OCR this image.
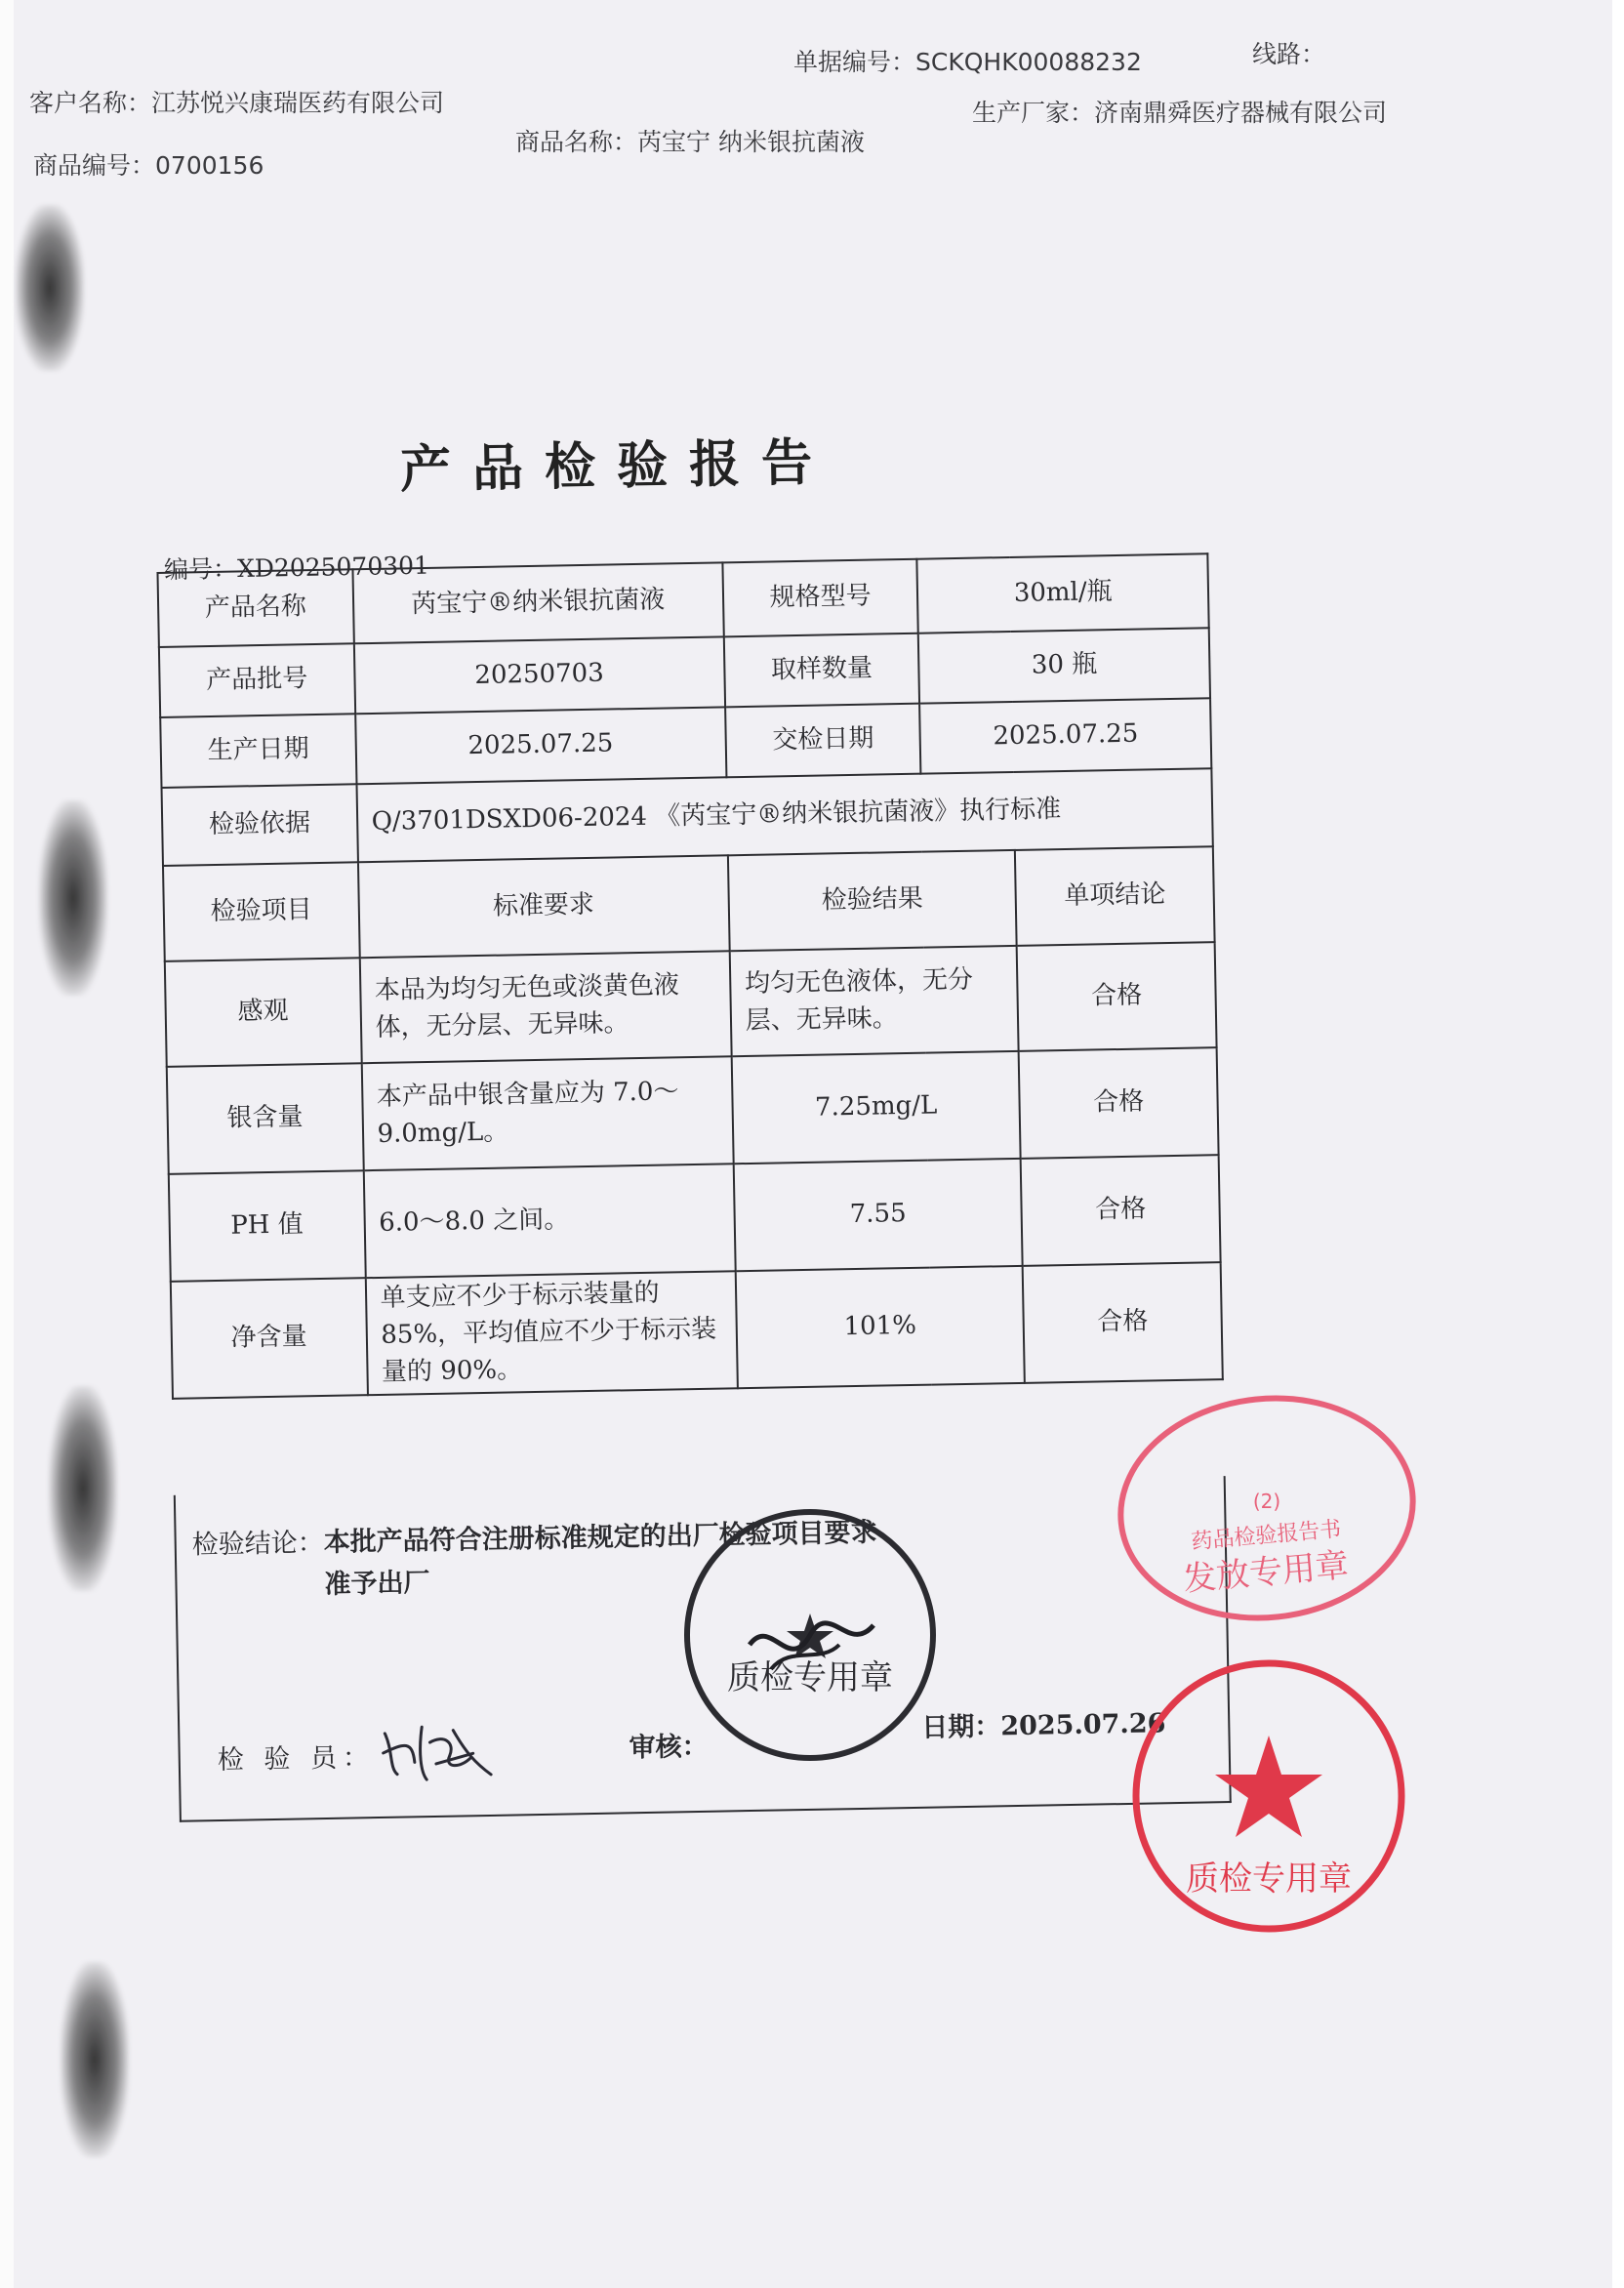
单据编号：SCKQHK00088232	线路：
客户名称：江苏悦兴康瑞医药有限公司	生产厂家：济南鼎舜医疗器械有限公司
商品编号：0700156
商品名称：芮宝宁 纳米银抗菌液
产品检验报告
编号：XD2025070301
产品名称	芮宝宁®纳米银抗菌液	规格型号	30ml/瓶	
产品批号	20250703	取样数量	30 瓶	
生产日期	2025.07.25	交检日期	2025.07.25	
检验依据	Q/3701DSXD06-2024 《芮宝宁®纳米银抗菌液》执行标准			
检验项目	标准要求	检验结果		单项结论
感观	本品为均匀无色或淡黄色液体，无分层、无异味。	均匀无色液体，无分层、无异味。		合格
银含量	本产品中银含量应为 7.0～9.0mg/L。	7.25mg/L		合格
PH 值	6.0～8.0 之间。	7.55		合格
净含量	单支应不少于标示装量的 85%，平均值应不少于标示装量的 90%。	101%		合格
检验结论：本批产品符合注册标准规定的出厂检验项目要求
准予出厂
检 验 员：	审核：
日期：2025.07.26
质检专用章
(2)
药品检验报告书
发放专用章
质检专用章
